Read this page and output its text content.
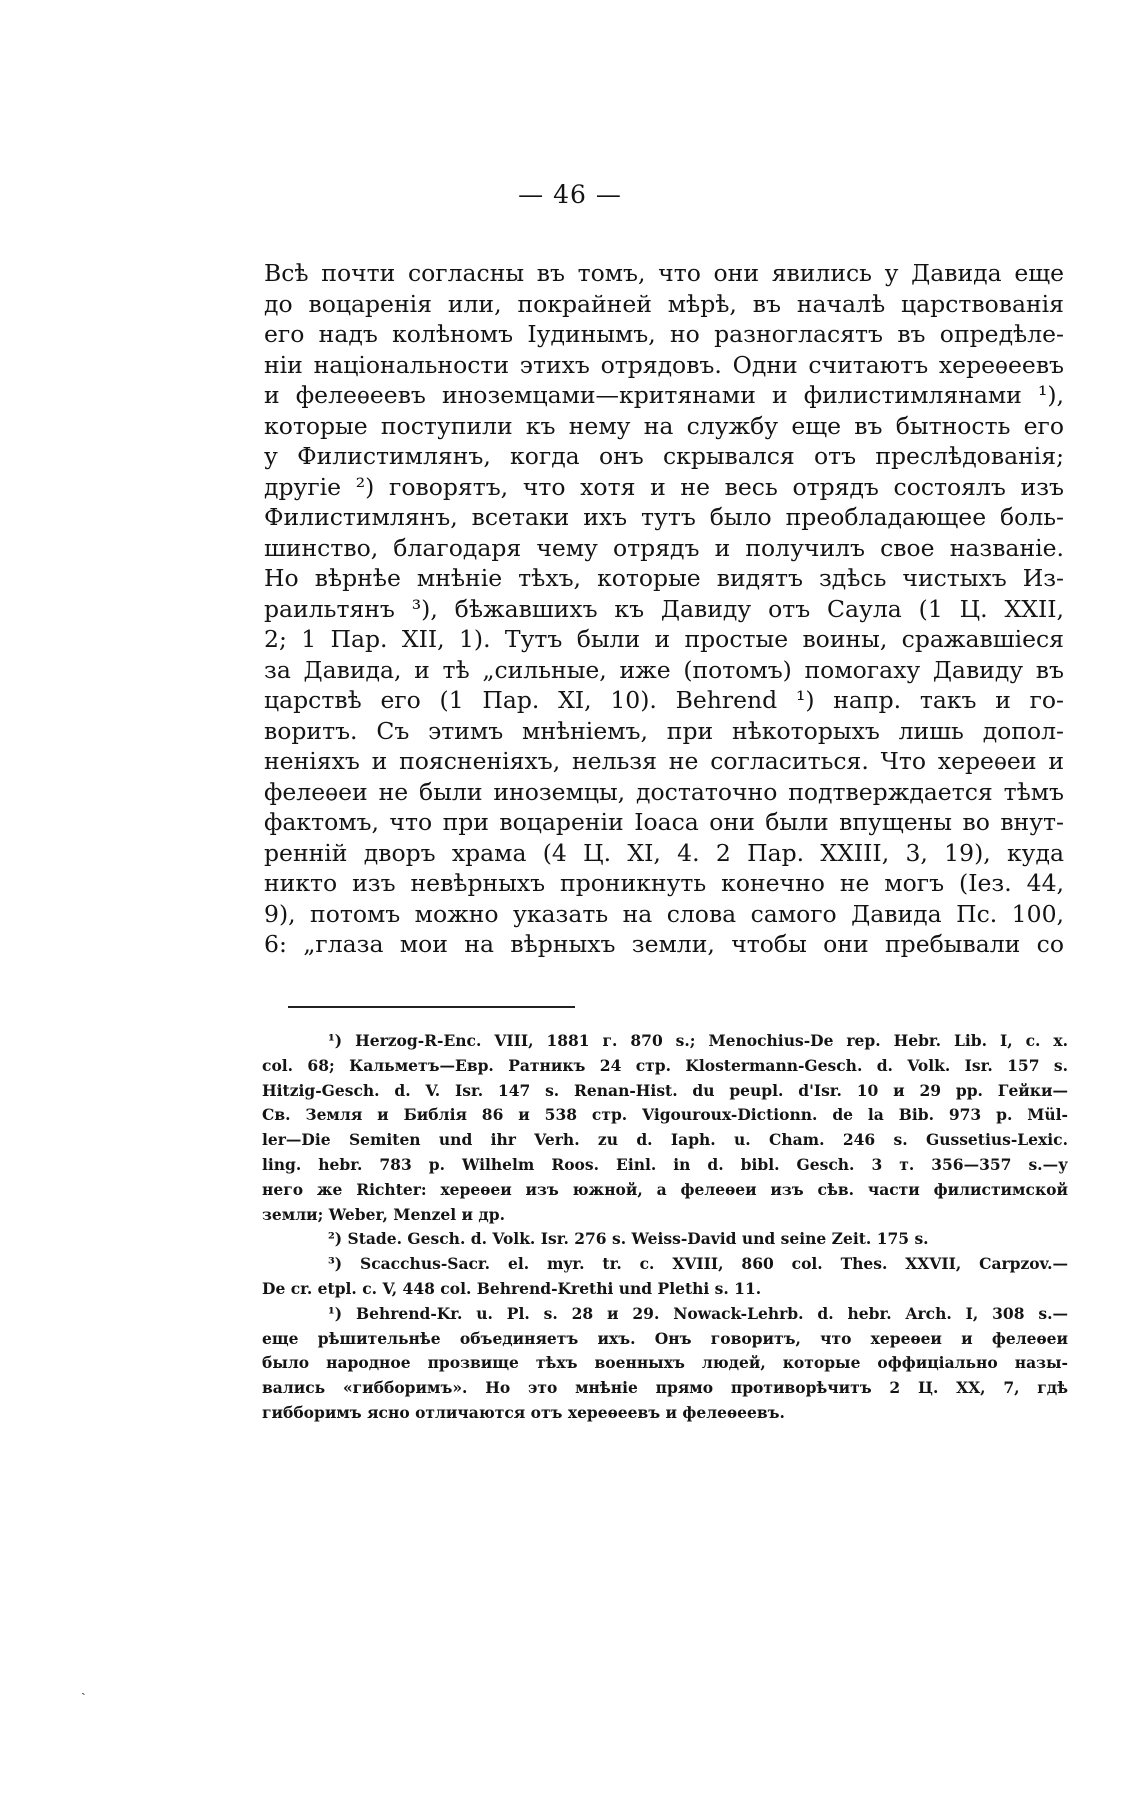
— 46 —
Всѣ почти согласны въ томъ, что они явились у Давида еще
до воцаренія или, покрайней мѣрѣ, въ началѣ царствованія
его надъ колѣномъ Іудинымъ, но разногласятъ въ опредѣле-
ніи національности этихъ отрядовъ. Одни считаютъ хереѳеевъ
и фелеѳеевъ иноземцами—критянами и филистимлянами ¹),
которые поступили къ нему на службу еще въ бытность его
у Филистимлянъ, когда онъ скрывался отъ преслѣдованія;
другіе ²) говорятъ, что хотя и не весь отрядъ состоялъ изъ
Филистимлянъ, всетаки ихъ тутъ было преобладающее боль-
шинство, благодаря чему отрядъ и получилъ свое названіе.
Но вѣрнѣе мнѣніе тѣхъ, которые видятъ здѣсь чистыхъ Из-
раильтянъ ³), бѣжавшихъ къ Давиду отъ Саула (1 Ц. XXII,
2; 1 Пар. XII, 1). Тутъ были и простые воины, сражавшіеся
за Давида, и тѣ „сильные, иже (потомъ) помогаху Давиду въ
царствѣ его (1 Пар. XI, 10). Behrend ¹) напр. такъ и го-
воритъ. Съ этимъ мнѣніемъ, при нѣкоторыхъ лишь допол-
неніяхъ и поясненіяхъ, нельзя не согласиться. Что хереѳеи и
фелеѳеи не были иноземцы, достаточно подтверждается тѣмъ
фактомъ, что при воцареніи Іоаса они были впущены во внут-
ренній дворъ храма (4 Ц. XI, 4. 2 Пар. XXIII, 3, 19), куда
никто изъ невѣрныхъ проникнуть конечно не могъ (Іез. 44,
9), потомъ можно указать на слова самого Давида Пс. 100,
6: „глаза мои на вѣрныхъ земли, чтобы они пребывали со
¹) Herzog-R-Enc. VIII, 1881 г. 870 s.; Menochius-De rep. Hebr. Lib. I, c. x.
col. 68; Кальметъ—Евр. Ратникъ 24 стр. Klostermann-Gesch. d. Volk. Isr. 157 s.
Hitzig-Gesch. d. V. Isr. 147 s. Renan-Hist. du peupl. d'Isr. 10 и 29 pp. Гейки—
Св. Земля и Библія 86 и 538 стр. Vigouroux-Dictionn. de la Bib. 973 p. Mül-
ler—Die Semiten und ihr Verh. zu d. Iaph. u. Cham. 246 s. Gussetius-Lexic.
ling. hebr. 783 p. Wilhelm Roos. Einl. in d. bibl. Gesch. 3 т. 356—357 s.—у
него же Richter: хереѳеи изъ южной, а фелеѳеи изъ сѣв. части филистимской
земли; Weber, Menzel и др.
²) Stade. Gesch. d. Volk. Isr. 276 s. Weiss-David und seine Zeit. 175 s.
³) Scacchus-Sacr. el. myr. tr. c. XVIII, 860 col. Thes. XXVII, Carpzov.—
De cr. etpl. c. V, 448 col. Behrend-Krethi und Plethi s. 11.
¹) Behrend-Kr. u. Pl. s. 28 и 29. Nowack-Lehrb. d. hebr. Arch. I, 308 s.—
еще рѣшительнѣе объединяетъ ихъ. Онъ говоритъ, что хереѳеи и фелеѳеи
было народное прозвище тѣхъ военныхъ людей, которые оффиціально назы-
вались «гибборимъ». Но это мнѣніе прямо противорѣчитъ 2 Ц. XX, 7, гдѣ
гибборимъ ясно отличаются отъ хереѳеевъ и фелеѳеевъ.
ˎ
